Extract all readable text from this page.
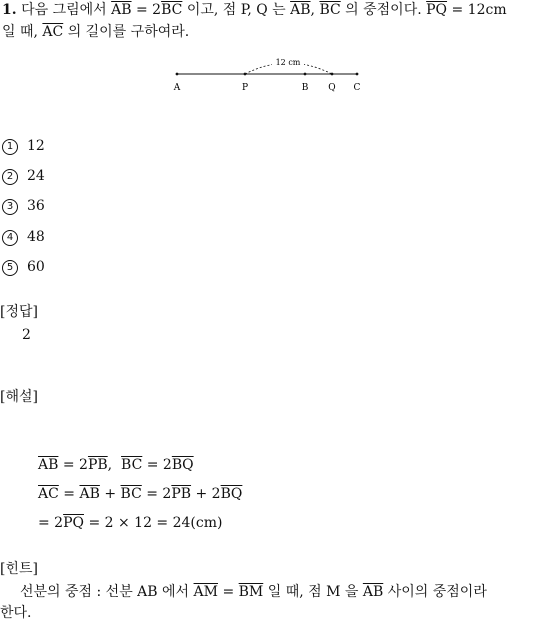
1. 다음 그림에서 $\overline{AB} = 2\overline{BC}$ 이고, 점 P, Q 는 $\overline{AB}$, $\overline{BC}$ 의 중점이다. $\overline{PQ} = 12cm$
일 때, $\overline{AC}$ 의 길이를 구하여라.
12 cm
A	P	B Q C
1 12
2 24
3 36
4 48
5 60
[정답]
2
[해설]
$\overline{AB} = 2\overline{PB}$, $\overline{BC} = 2\overline{BQ}$
$\overline{AC} = \overline{AB} + \overline{BC} = 2\overline{PB} + 2\overline{BQ}$
= $2\overline{PQ} = 2 \times 12 = 24(cm)$
[힌트]
선분의 중점 : 선분 AB 에서 $\overline{AM} = \overline{BM}$ 일 때, 점 M 을 $\overline{AB}$ 사이의 중점이라
한다.
